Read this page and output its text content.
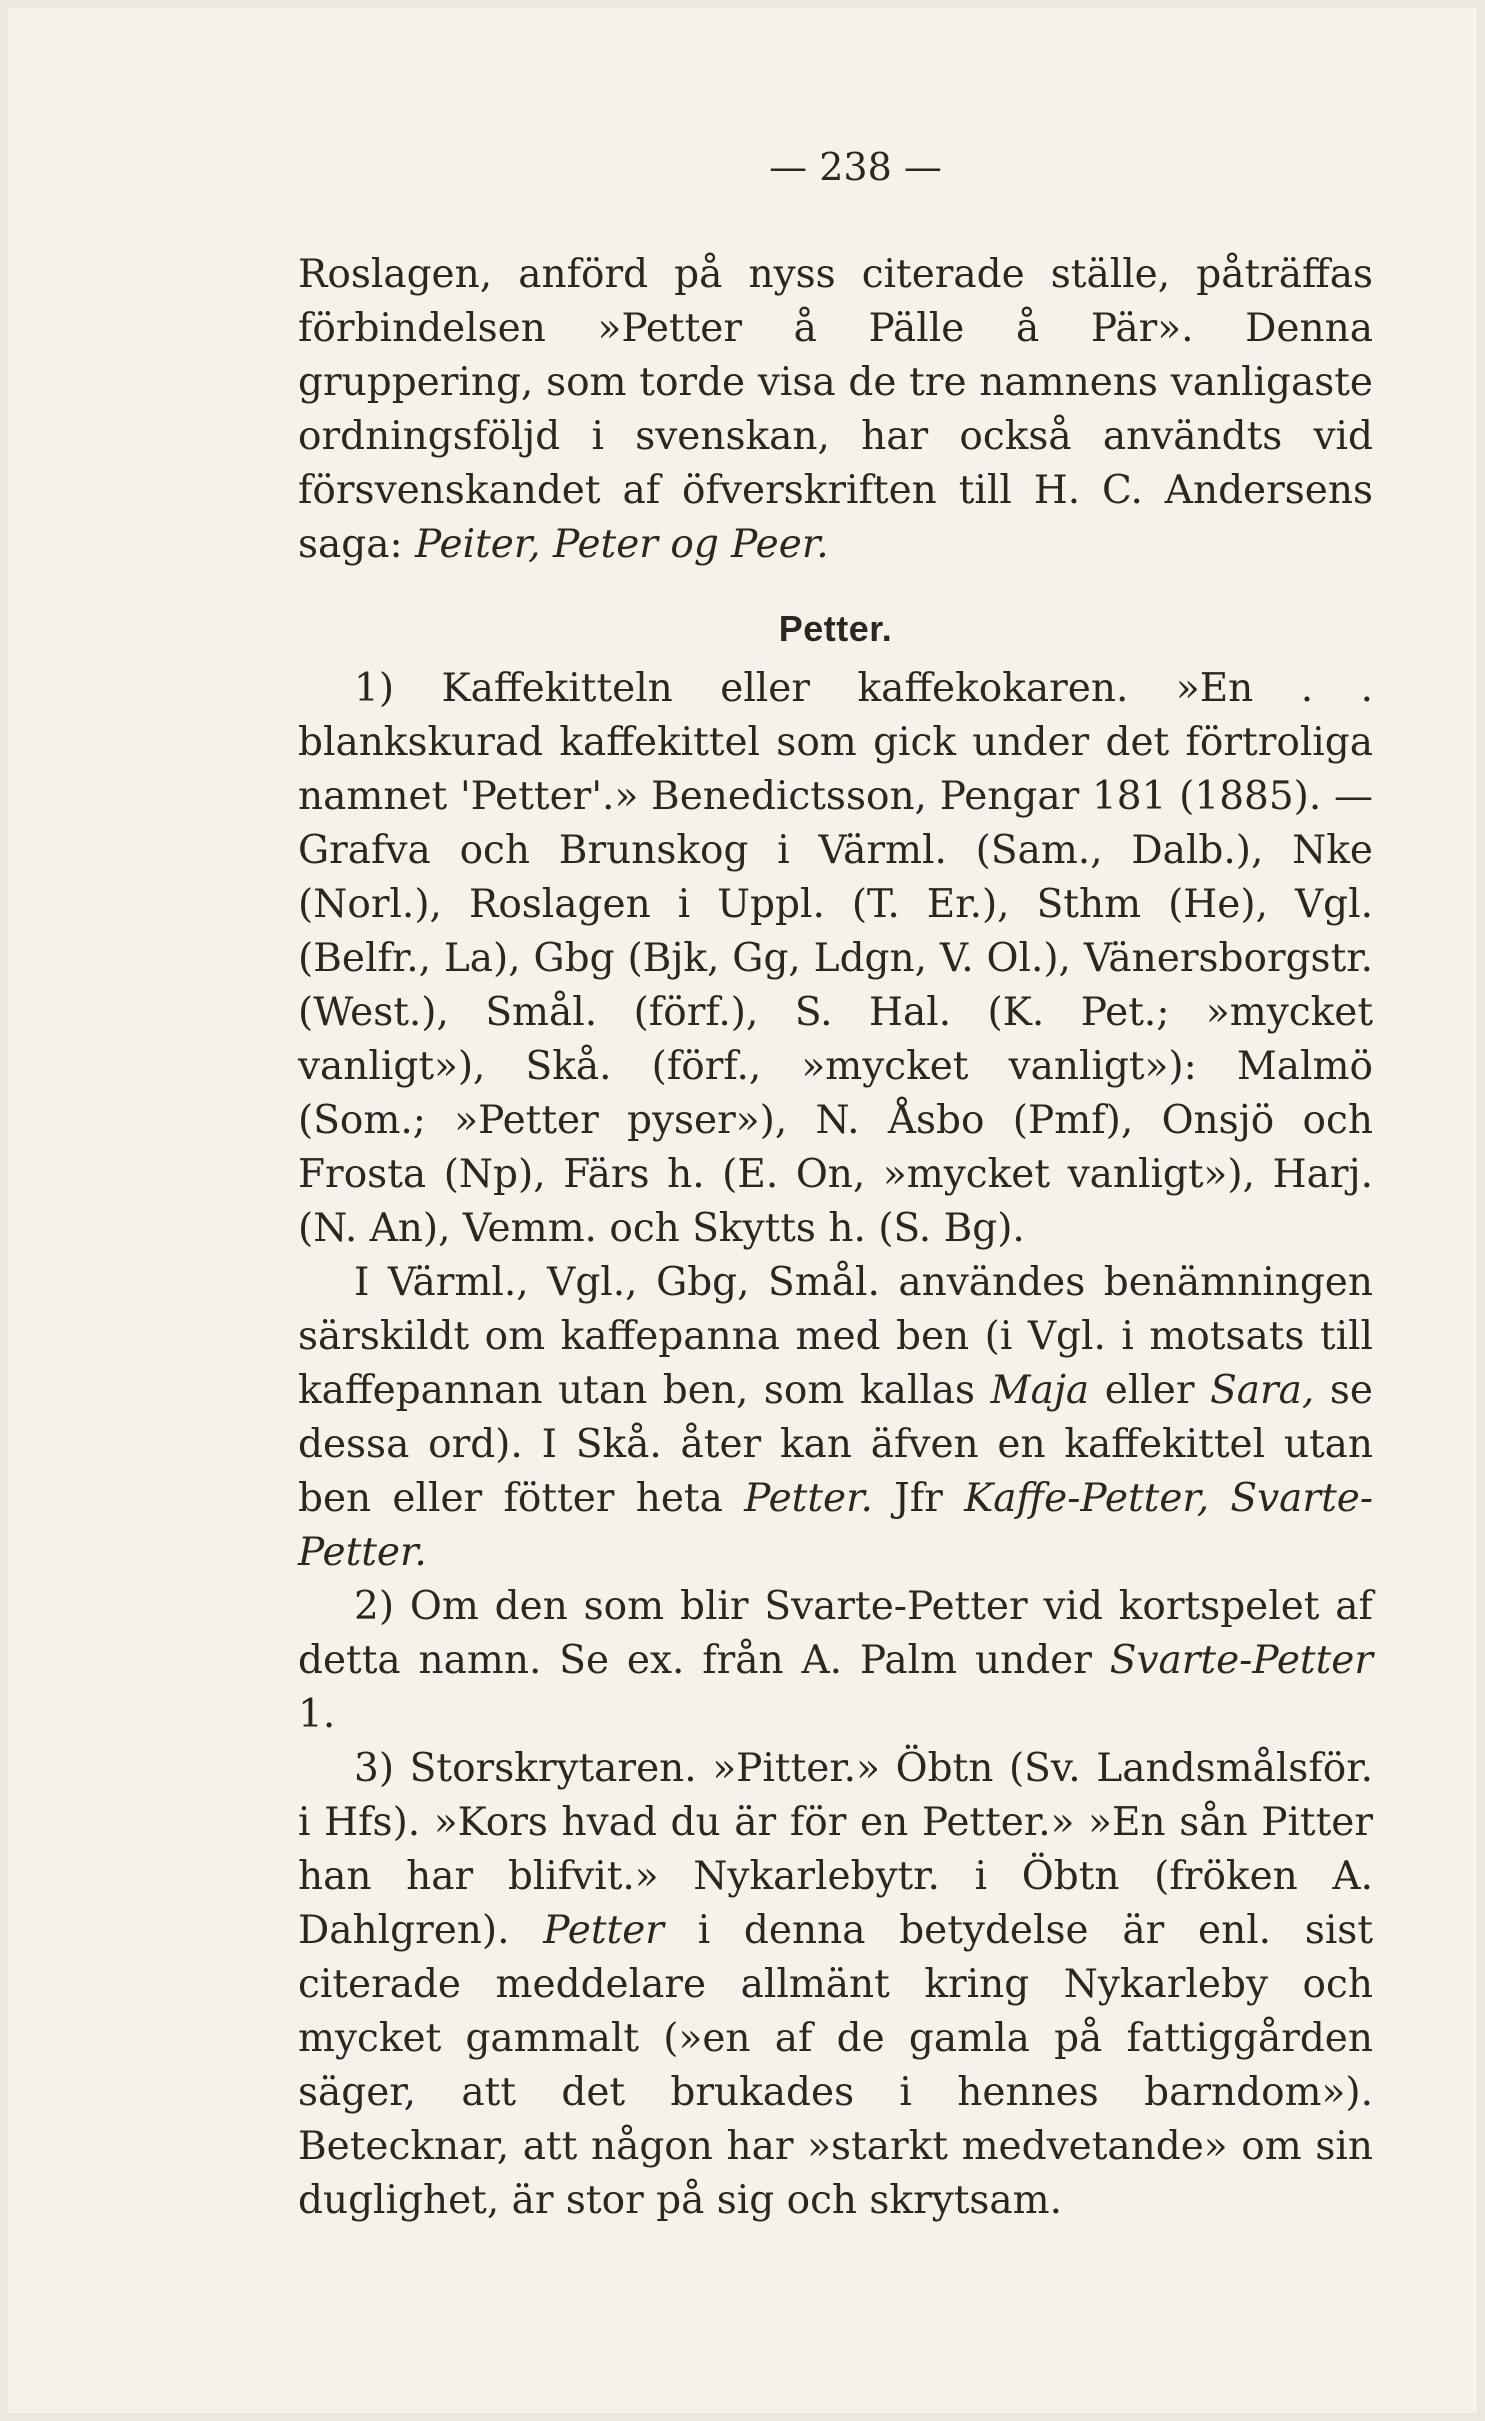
— 238 —

Roslagen, anförd på nyss citerade ställe, påträffas förbindelsen »Petter å Pälle å Pär». Denna gruppering, som torde visa de tre namnens vanligaste ordningsföljd i svenskan, har också användts vid försvenskandet af öfverskriften till H. C. Andersens saga: Peiter, Peter og Peer.

Petter.

1) Kaffekitteln eller kaffekokaren. »En . . blankskurad kaffekittel som gick under det förtroliga namnet 'Petter'.» Benedictsson, Pengar 181 (1885). — Grafva och Brunskog i Värml. (Sam., Dalb.), Nke (Norl.), Roslagen i Uppl. (T. Er.), Sthm (He), Vgl. (Belfr., La), Gbg (Bjk, Gg, Ldgn, V. Ol.), Vänersborgstr. (West.), Smål. (förf.), S. Hal. (K. Pet.; »mycket vanligt»), Skå. (förf., »mycket vanligt»): Malmö (Som.; »Petter pyser»), N. Åsbo (Pmf), Onsjö och Frosta (Np), Färs h. (E. On, »mycket vanligt»), Harj. (N. An), Vemm. och Skytts h. (S. Bg).

I Värml., Vgl., Gbg, Smål. användes benämningen särskildt om kaffepanna med ben (i Vgl. i motsats till kaffepannan utan ben, som kallas Maja eller Sara, se dessa ord). I Skå. åter kan äfven en kaffekittel utan ben eller fötter heta Petter. Jfr Kaffe-Petter, Svarte-Petter.

2) Om den som blir Svarte-Petter vid kortspelet af detta namn. Se ex. från A. Palm under Svarte-Petter 1.

3) Storskrytaren. »Pitter.» Öbtn (Sv. Landsmålsför. i Hfs). »Kors hvad du är för en Petter.» »En sån Pitter han har blifvit.» Nykarlebytr. i Öbtn (fröken A. Dahlgren). Petter i denna betydelse är enl. sist citerade meddelare allmänt kring Nykarleby och mycket gammalt (»en af de gamla på fattiggården säger, att det brukades i hennes barndom»). Betecknar, att någon har »starkt medvetande» om sin duglighet, är stor på sig och skrytsam.
